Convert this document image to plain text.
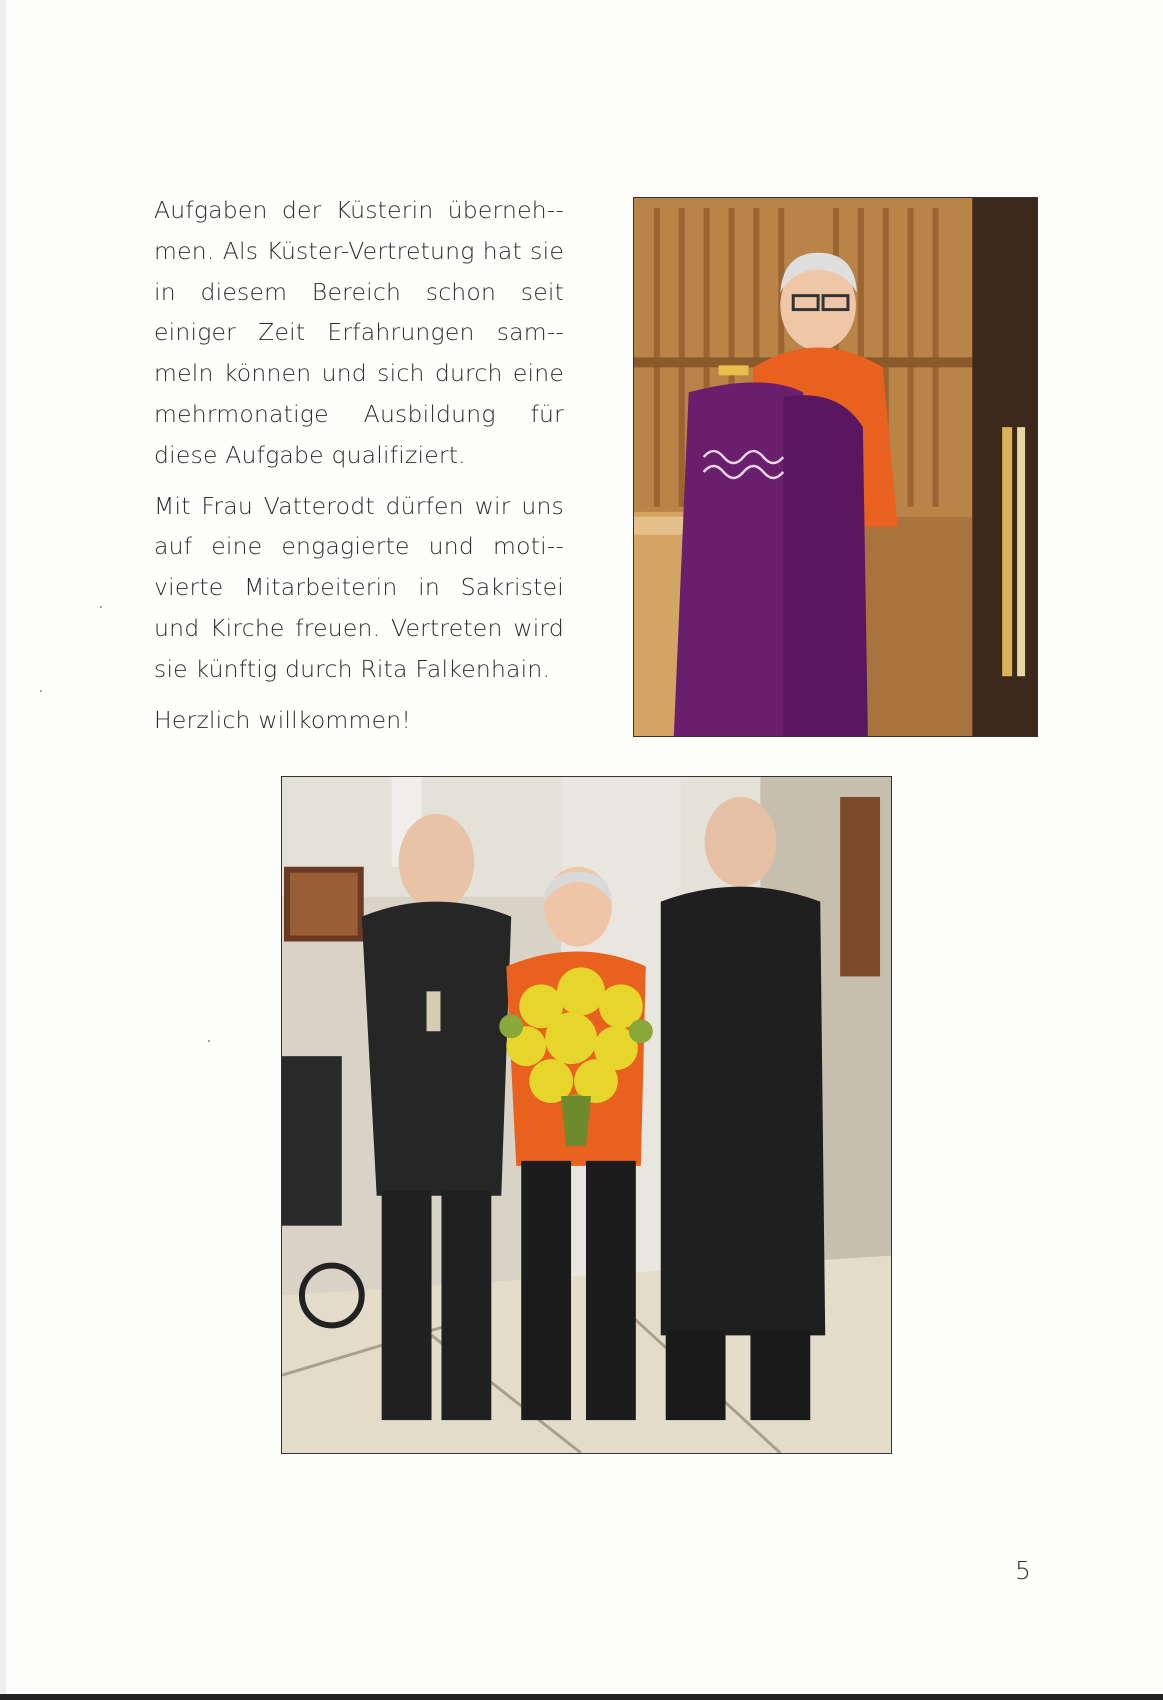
Aufgaben der Küsterin überneh-men. Als Küster-Vertretung hat sie in diesem Bereich schon seit einiger Zeit Erfahrungen sam-meln können und sich durch eine mehrmonatige Ausbildung für diese Aufgabe qualifiziert.

Mit Frau Vatterodt dürfen wir uns auf eine engagierte und moti-vierte Mitarbeiterin in Sakristei und Kirche freuen. Vertreten wird sie künftig durch Rita Falkenhain.

Herzlich willkommen!

5
